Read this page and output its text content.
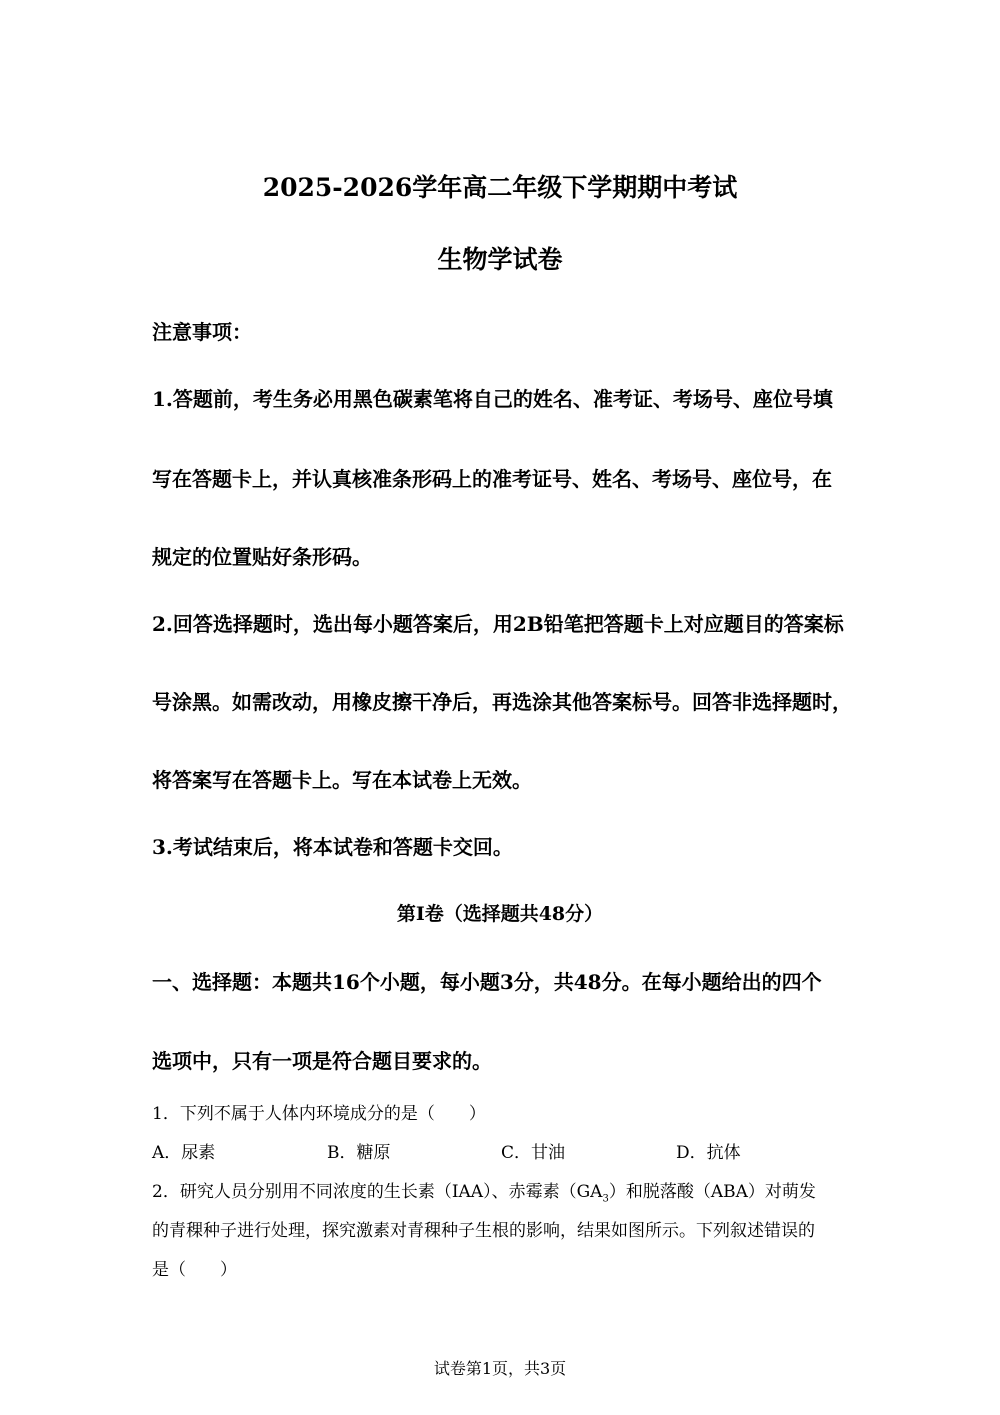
2025-2026学年高二年级下学期期中考试
生物学试卷
注意事项：
1.答题前，考生务必用黑色碳素笔将自己的姓名、准考证、考场号、座位号填
写在答题卡上，并认真核准条形码上的准考证号、姓名、考场号、座位号，在
规定的位置贴好条形码。
2.回答选择题时，选出每小题答案后，用2B铅笔把答题卡上对应题目的答案标
号涂黑。如需改动，用橡皮擦干净后，再选涂其他答案标号。回答非选择题时，
将答案写在答题卡上。写在本试卷上无效。
3.考试结束后，将本试卷和答题卡交回。
第I卷（选择题共48分）
一、选择题：本题共16个小题，每小题3分，共48分。在每小题给出的四个
选项中，只有一项是符合题目要求的。
1．下列不属于人体内环境成分的是（　　）
A．尿素	B．糖原	C．甘油	D．抗体
2．研究人员分别用不同浓度的生长素（IAA）、赤霉素$(GA_3)$和脱落酸（ABA）对萌发
的青稞种子进行处理，探究激素对青稞种子生根的影响，结果如图所示。下列叙述错误的
是（　　）
试卷第1页，共3页
